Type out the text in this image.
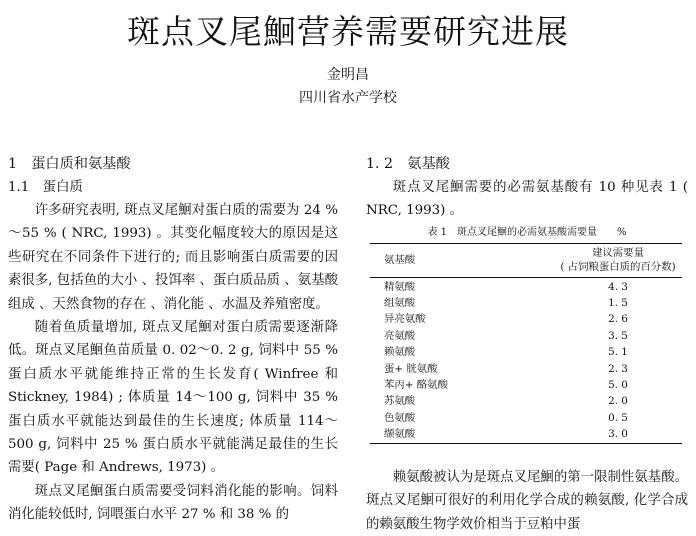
斑点叉尾鮰营养需要研究进展
金明昌
四川省水产学校
1　蛋白质和氨基酸
1.1　蛋白质
许多研究表明, 斑点叉尾鮰对蛋白质的需要为 24 %～55 % ( NRC, 1993) 。其变化幅度较大的原因是这些研究在不同条件下进行的; 而且影响蛋白质需要的因素很多, 包括鱼的大小 、投饵率 、蛋白质品质 、氨基酸组成 、天然食物的存在 、消化能 、水温及养殖密度。
随着鱼质量增加, 斑点叉尾鮰对蛋白质需要逐渐降低。斑点叉尾鮰鱼苗质量 0. 02～0. 2 g, 饲料中 55 % 蛋白质水平就能维持正常的生长发育( Winfree 和 Stickney, 1984) ; 体质量 14～100 g, 饲料中 35 % 蛋白质水平就能达到最佳的生长速度; 体质量 114～500 g, 饲料中 25 % 蛋白质水平就能满足最佳的生长需要( Page 和 Andrews, 1973) 。
斑点叉尾鮰蛋白质需要受饲料消化能的影响。饲料消化能较低时, 饲喂蛋白水平 27 % 和 38 % 的
1. 2　氨基酸
斑点叉尾鮰需要的必需氨基酸有 10 种见表 1 ( NRC, 1993) 。
表 1　斑点叉尾鮰的必需氨基酸需要量　　%
氨基酸	建议需要量
( 占饲粮蛋白质的百分数)

精氨酸	4. 3
组氨酸	1. 5
异亮氨酸	2. 6
亮氨酸	3. 5
赖氨酸	5. 1
蛋+ 胱氨酸	2. 3
苯丙+ 酪氨酸	5. 0
苏氨酸	2. 0
色氨酸	0. 5
缬氨酸	3. 0
赖氨酸被认为是斑点叉尾鮰的第一限制性氨基酸。斑点叉尾鮰可很好的利用化学合成的赖氨酸, 化学合成的赖氨酸生物学效价相当于豆粕中蛋
